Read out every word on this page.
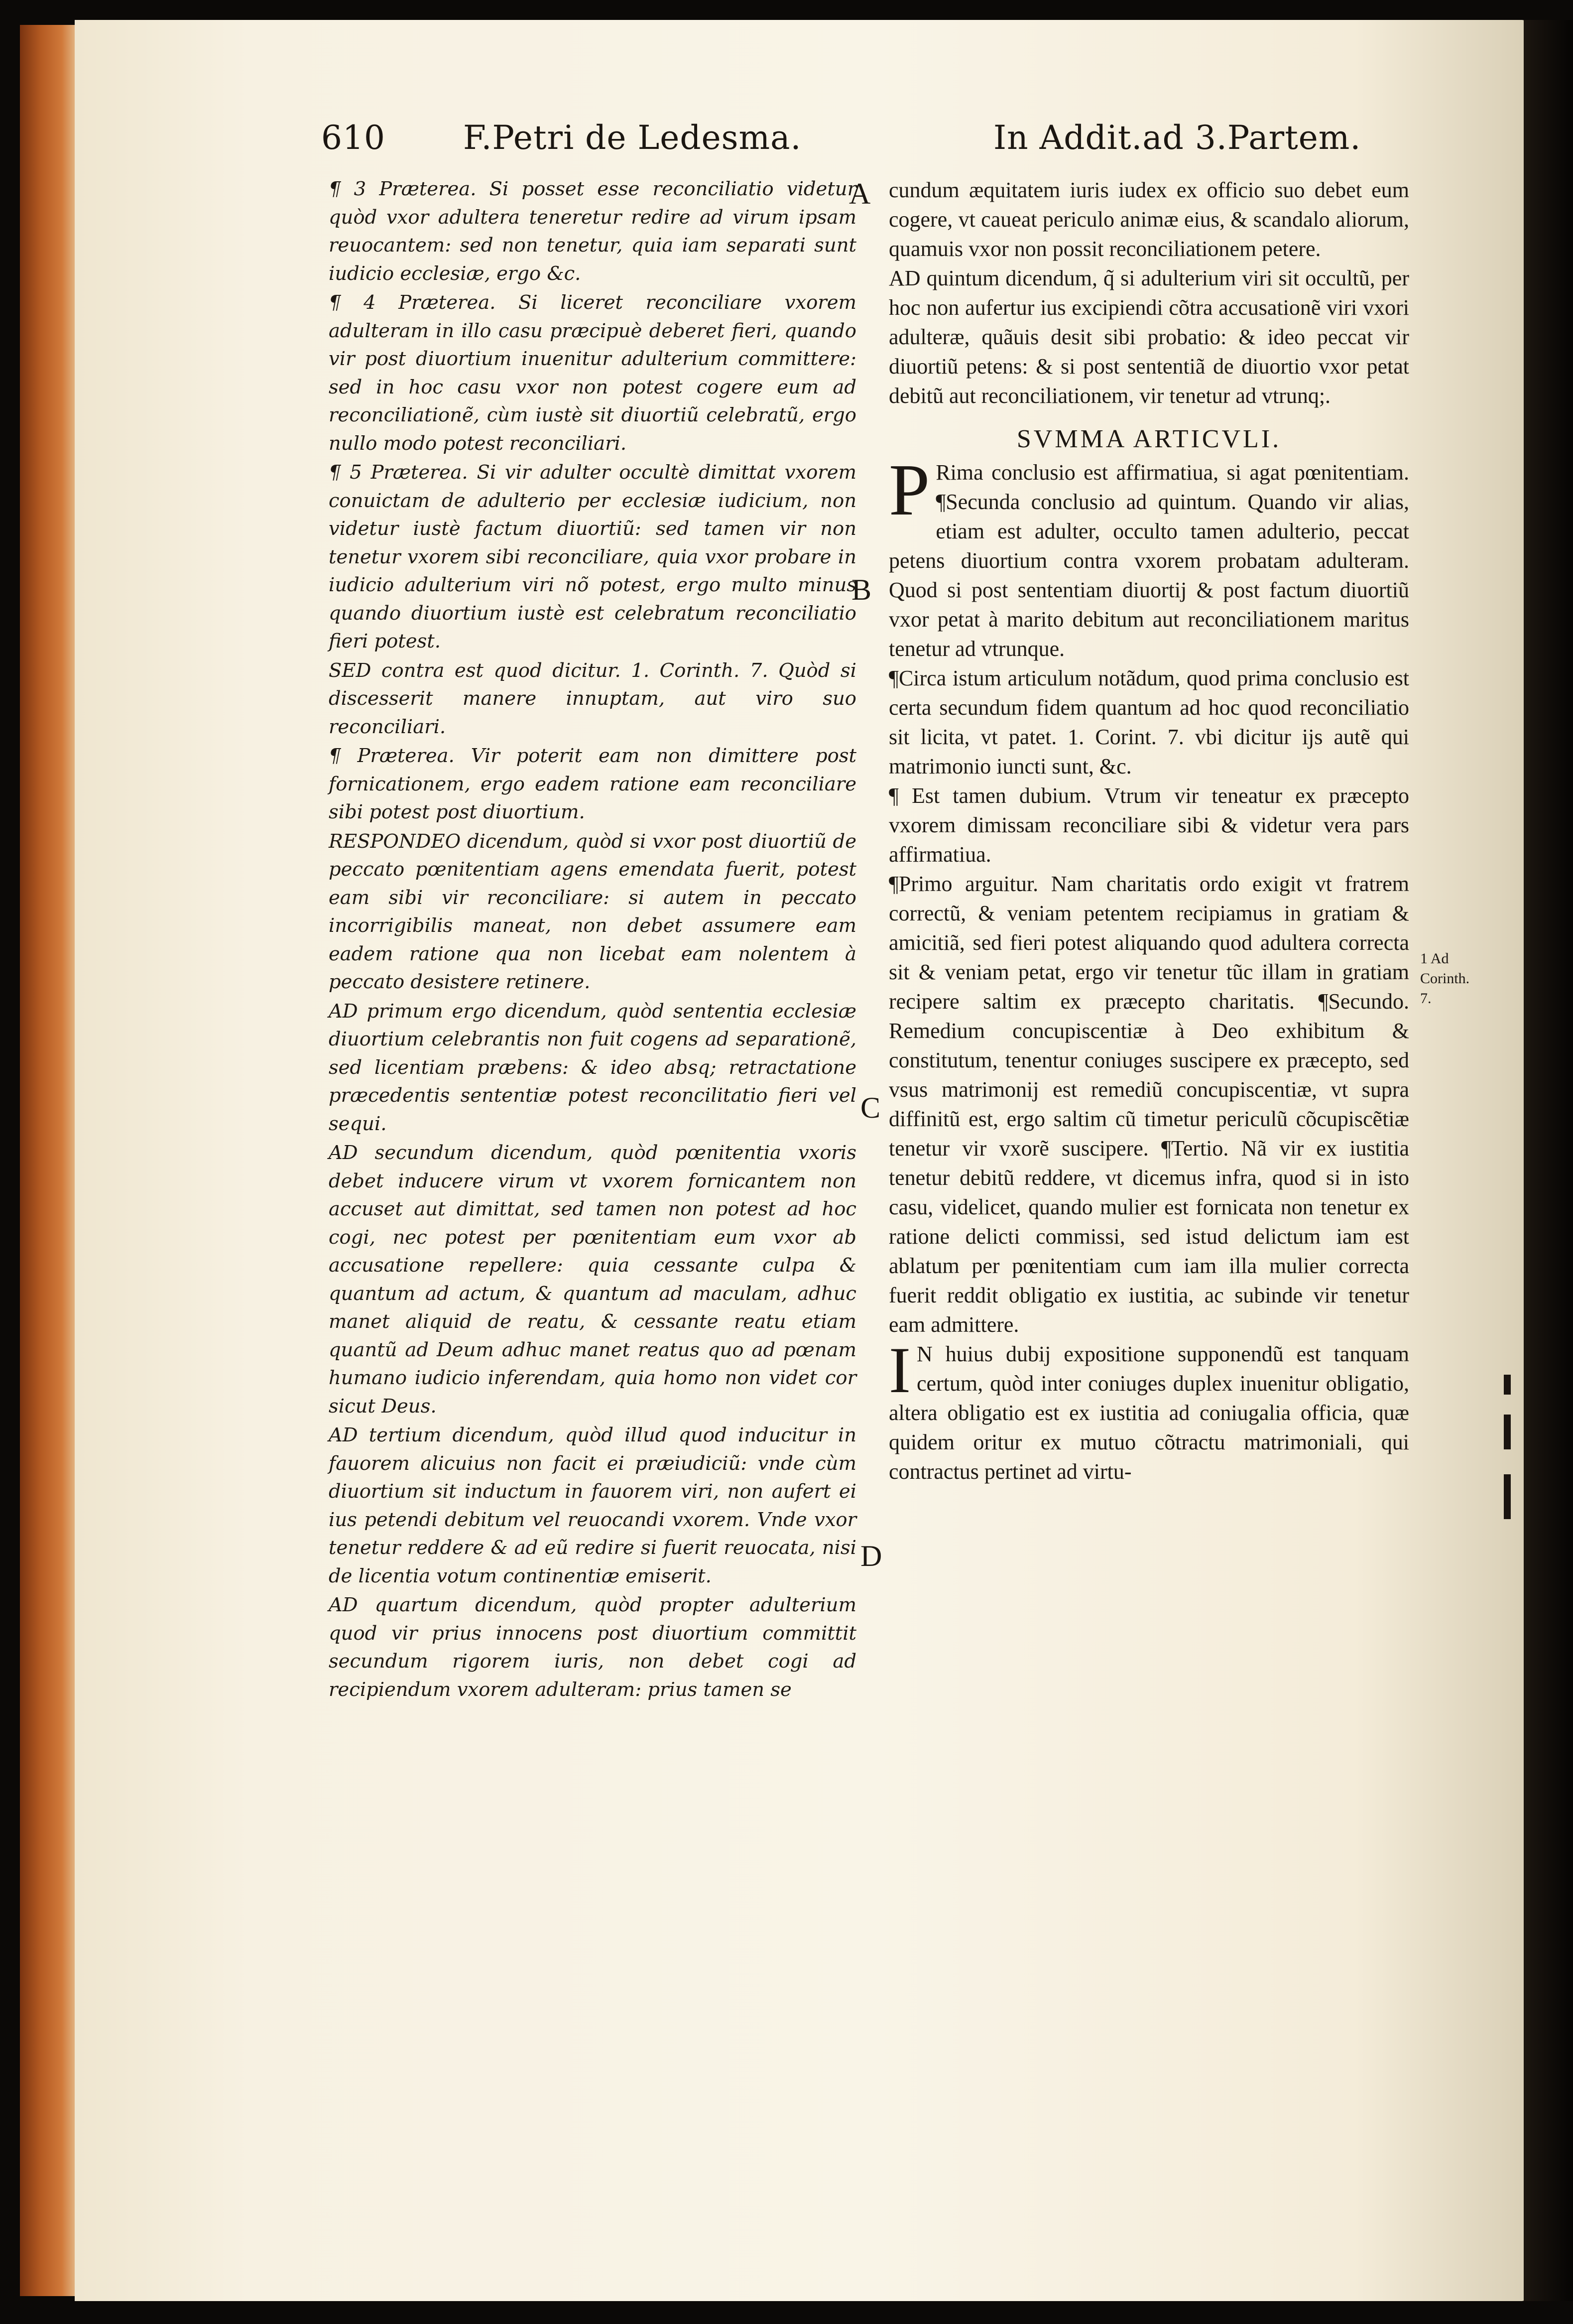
610 F.Petri de Ledesma.	In Addit.ad 3.Partem.

¶ 3 Præterea. Si posset esse reconciliatio videtur quòd vxor adultera teneretur redire ad virum ipsam reuocantem: sed non tenetur, quia iam separati sunt iudicio ecclesiæ, ergo &c.

¶ 4 Præterea. Si liceret reconciliare vxorem adulteram in illo casu præcipuè deberet fieri, quando vir post diuortium inuenitur adulterium committere: sed in hoc casu vxor non potest cogere eum ad reconciliationẽ, cùm iustè sit diuortiũ celebratũ, ergo nullo modo potest reconciliari.

¶ 5 Præterea. Si vir adulter occultè dimittat vxorem conuictam de adulterio per ecclesiæ iudicium, non videtur iustè factum diuortiũ: sed tamen vir non tenetur vxorem sibi reconciliare, quia vxor probare in iudicio adulterium viri nõ potest, ergo multo minus quando diuortium iustè est celebratum reconciliatio fieri potest.

SED contra est quod dicitur. 1. Corinth. 7. Quòd si discesserit manere innuptam, aut viro suo reconciliari.

¶ Præterea. Vir poterit eam non dimittere post fornicationem, ergo eadem ratione eam reconciliare sibi potest post diuortium.

RESPONDEO dicendum, quòd si vxor post diuortiũ de peccato pœnitentiam agens emendata fuerit, potest eam sibi vir reconciliare: si autem in peccato incorrigibilis maneat, non debet assumere eam eadem ratione qua non licebat eam nolentem à peccato desistere retinere.

AD primum ergo dicendum, quòd sententia ecclesiæ diuortium celebrantis non fuit cogens ad separationẽ, sed licentiam præbens: & ideo absq; retractatione præcedentis sententiæ potest reconcilitatio fieri vel sequi.

AD secundum dicendum, quòd pœnitentia vxoris debet inducere virum vt vxorem fornicantem non accuset aut dimittat, sed tamen non potest ad hoc cogi, nec potest per pœnitentiam eum vxor ab accusatione repellere: quia cessante culpa & quantum ad actum, & quantum ad maculam, adhuc manet aliquid de reatu, & cessante reatu etiam quantũ ad Deum adhuc manet reatus quo ad pœnam humano iudicio inferendam, quia homo non videt cor sicut Deus.

AD tertium dicendum, quòd illud quod inducitur in fauorem alicuius non facit ei præiudiciũ: vnde cùm diuortium sit inductum in fauorem viri, non aufert ei ius petendi debitum vel reuocandi vxorem. Vnde vxor tenetur reddere & ad eũ redire si fuerit reuocata, nisi de licentia votum continentiæ emiserit.

AD quartum dicendum, quòd propter adulterium quod vir prius innocens post diuortium committit secundum rigorem iuris, non debet cogi ad recipiendum vxorem adulteram: prius tamen se

cundum æquitatem iuris iudex ex officio suo debet eum cogere, vt caueat periculo animæ eius, & scandalo aliorum, quamuis vxor non possit reconciliationem petere.

AD quintum dicendum, q̃ si adulterium viri sit occultũ, per hoc non aufertur ius excipiendi cõtra accusationẽ viri vxori adulteræ, quãuis desit sibi probatio: & ideo peccat vir diuortiũ petens: & si post sententiã de diuortio vxor petat debitũ aut reconciliationem, vir tenetur ad vtrunq;.

SVMMA ARTICVLI.

P Rima conclusio est affirmatiua, si agat pœnitentiam. ¶Secunda conclusio ad quintum. Quando vir alias, etiam est adulter, occulto tamen adulterio, peccat petens diuortium contra vxorem probatam adulteram. Quod si post sententiam diuortij & post factum diuortiũ vxor petat à marito debitum aut reconciliationem maritus tenetur ad vtrunque.

¶Circa istum articulum notãdum, quod prima conclusio est certa secundum fidem quantum ad hoc quod reconciliatio sit licita, vt patet. 1. Corint. 7. vbi dicitur ijs autẽ qui matrimonio iuncti sunt, &c.

¶ Est tamen dubium. Vtrum vir teneatur ex præcepto vxorem dimissam reconciliare sibi & videtur vera pars affirmatiua.

¶Primo arguitur. Nam charitatis ordo exigit vt fratrem correctũ, & veniam petentem recipiamus in gratiam & amicitiã, sed fieri potest aliquando quod adultera correcta sit & veniam petat, ergo vir tenetur tũc illam in gratiam recipere saltim ex præcepto charitatis. ¶Secundo. Remedium concupiscentiæ à Deo exhibitum & constitutum, tenentur coniuges suscipere ex præcepto, sed vsus matrimonij est remediũ concupiscentiæ, vt supra diffinitũ est, ergo saltim cũ timetur periculũ cõcupiscẽtiæ tenetur vir vxorẽ suscipere. ¶Tertio. Nã vir ex iustitia tenetur debitũ reddere, vt dicemus infra, quod si in isto casu, videlicet, quando mulier est fornicata non tenetur ex ratione delicti commissi, sed istud delictum iam est ablatum per pœnitentiam cum iam illa mulier correcta fuerit reddit obligatio ex iustitia, ac subinde vir tenetur eam admittere.

I N huius dubij expositione supponendũ est tanquam certum, quòd inter coniuges duplex inuenitur obligatio, altera obligatio est ex iustitia ad coniugalia officia, quæ quidem oritur ex mutuo cõtractu matrimoniali, qui contractus pertinet ad virtu-

A
B
C
D
1 Ad Corinth. 7.
